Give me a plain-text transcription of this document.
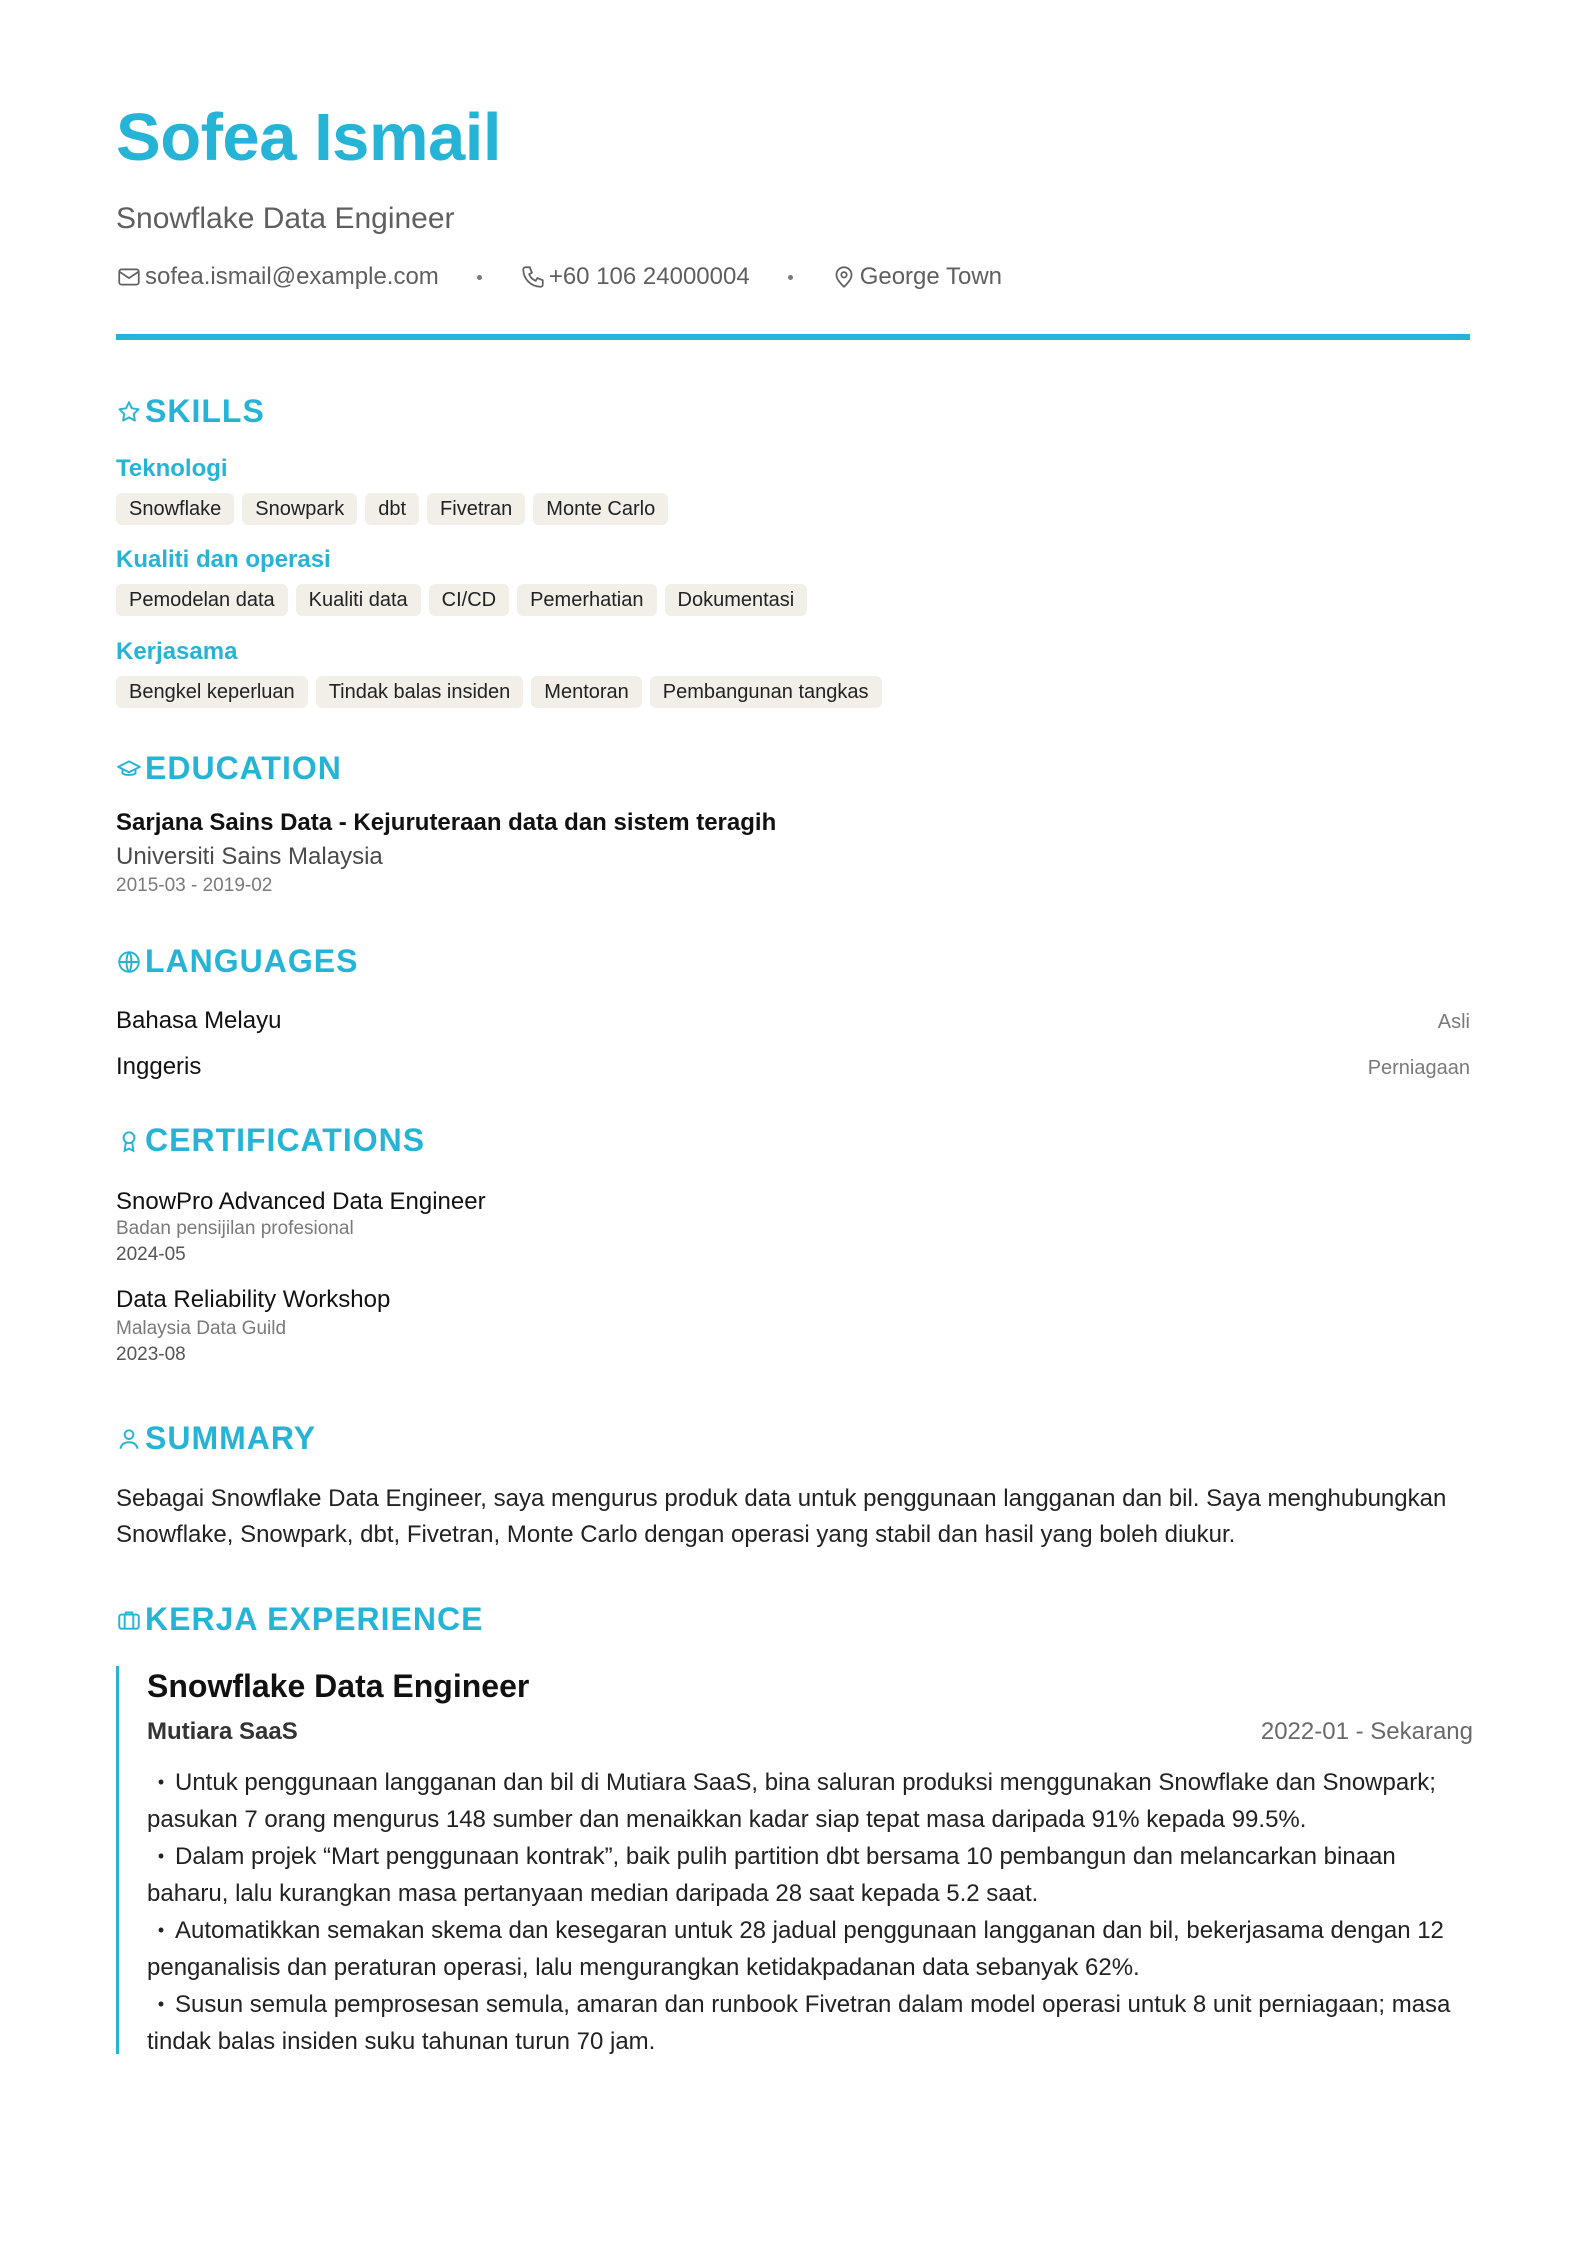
Sofea Ismail
Snowflake Data Engineer
sofea.ismail@example.com	+60 106 24000004	George Town
SKILLS
Teknologi
Snowflake	Snowpark	dbt	Fivetran	Monte Carlo
Kualiti dan operasi
Pemodelan data	Kualiti data	CI/CD	Pemerhatian	Dokumentasi
Kerjasama
Bengkel keperluan	Tindak balas insiden	Mentoran	Pembangunan tangkas
EDUCATION
Sarjana Sains Data - Kejuruteraan data dan sistem teragih
Universiti Sains Malaysia
2015-03 - 2019-02
LANGUAGES
Bahasa Melayu	Asli
Inggeris	Perniagaan
CERTIFICATIONS
SnowPro Advanced Data Engineer
Badan pensijilan profesional
2024-05
Data Reliability Workshop
Malaysia Data Guild
2023-08
SUMMARY
Sebagai Snowflake Data Engineer, saya mengurus produk data untuk penggunaan langganan dan bil. Saya menghubungkan Snowflake, Snowpark, dbt, Fivetran, Monte Carlo dengan operasi yang stabil dan hasil yang boleh diukur.
KERJA EXPERIENCE
Snowflake Data Engineer
Mutiara SaaS	2022-01 - Sekarang
• Untuk penggunaan langganan dan bil di Mutiara SaaS, bina saluran produksi menggunakan Snowflake dan Snowpark; pasukan 7 orang mengurus 148 sumber dan menaikkan kadar siap tepat masa daripada 91% kepada 99.5%.
• Dalam projek “Mart penggunaan kontrak”, baik pulih partition dbt bersama 10 pembangun dan melancarkan binaan baharu, lalu kurangkan masa pertanyaan median daripada 28 saat kepada 5.2 saat.
• Automatikkan semakan skema dan kesegaran untuk 28 jadual penggunaan langganan dan bil, bekerjasama dengan 12 penganalisis dan peraturan operasi, lalu mengurangkan ketidakpadanan data sebanyak 62%.
• Susun semula pemprosesan semula, amaran dan runbook Fivetran dalam model operasi untuk 8 unit perniagaan; masa tindak balas insiden suku tahunan turun 70 jam.
